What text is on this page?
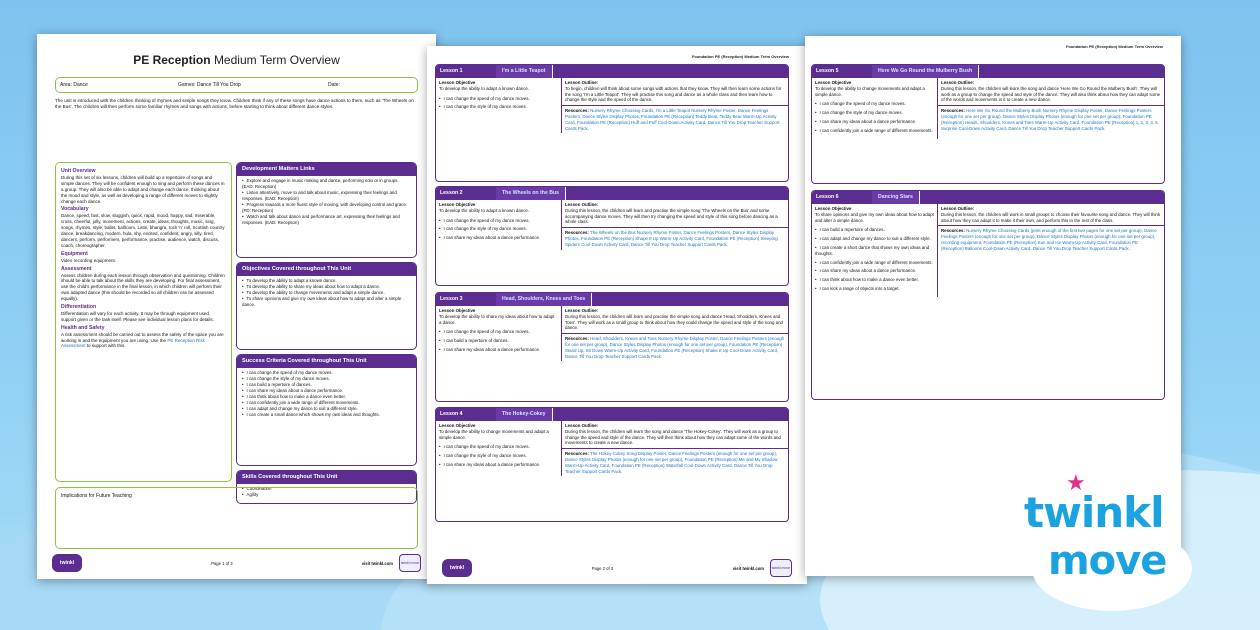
PE Reception Medium Term Overview
Area: Dance	Games: Dance Till You Drop	Date:

The unit is introduced with the children thinking of rhymes and simple songs they know. Children think if any of these songs have dance actions to them, such as 'The Wheels on the Bus'. The children will then perform some familiar rhymes and songs with actions, before starting to think about different dance styles.

Unit Overview

During this set of six lessons, children will build up a repertoire of songs and simple dances. They will be confident enough to sing and perform these dances in a group. They will also be able to adapt and change each dance, thinking about the mood and style, as well as developing a range of different moves to slightly change each dance.

Vocabulary

Dance, speed, fast, slow, sluggish, quick, rapid, mood, happy, sad, miserable, cross, cheerful, jolly, movement, actions, create, ideas, thoughts, music, sing, songs, rhymes, style, ballet, ballroom, Latin, bhangra, rock 'n' roll, Scottish country dance, breakdancing, modern, hula, shy, excited, confident, angry, silly, tired, dancers, perform, performers, performance, practise, audience, watch, discuss, coach, choreographer.

Equipment

Video recording equipment.

Assessment

Assess children during each lesson through observation and questioning. Children should be able to talk about the skills they are developing. For final assessment, use the child's performance in the final lesson, in which children will perform their own adapted dance (this should be recorded so all children can be assessed equally).

Differentiation

Differentiation will vary for each activity. It may be through equipment used, support given or the task itself. Please see individual lesson plans for details.

Health and Safety

A risk assessment should be carried out to assess the safety of the space you are working in and the equipment you are using. Use the PE Reception Risk Assessment to support with this.

Development Matters Links
• Explore and engage in music making and dance, performing solo or in groups. (EAD: Reception)
• Listen attentively, move to and talk about music, expressing their feelings and responses. (EAD: Reception)
• Progress towards a more fluent style of moving, with developing control and grace. (PD: Reception)
• Watch and talk about dance and performance art, expressing their feelings and responses. (EAD: Reception)
Objectives Covered throughout This Unit
• To develop the ability to adapt a known dance.
• To develop the ability to share my ideas about how to adapt a dance.
• To develop the ability to change movements and adapt a simple dance.
• To share opinions and give my own ideas about how to adapt and alter a simple dance.
Success Criteria Covered throughout This Unit
• I can change the speed of my dance moves.
• I can change the style of my dance moves.
• I can build a repertoire of dances.
• I can share my ideas about a dance performance.
• I can think about how to make a dance even better.
• I can confidently join a wide range of different movements.
• I can adapt and change my dance to suit a different style.
• I can create a small dance which shows my own ideas and thoughts.
Skills Covered throughout This Unit
• Coordination
• Agility
Implications for Future Teaching
twinkl	Page 1 of 3	visit twinkl.com	twinkl move
Foundation PE (Reception) Medium Term Overview
Lesson 1	I'm a Little Teapot
Lesson Objective
To develop the ability to adapt a known dance.
• I can change the speed of my dance moves.
• I can change the style of my dance moves.
Lesson Outline:
To begin, children will think about some songs with actions that they know. They will then learn some actions for the song 'I'm a Little Teapot'. They will practise this song and dance as a whole class and then learn how to change the style and the speed of the dance.
Resources: Nursery Rhyme Choosing Cards, I'm a Little Teapot Nursery Rhyme Poster, Dance Feelings Posters, Dance Styles Display Photos, Foundation PE (Reception) Teddy Bear, Teddy Bear Warm-Up Activity Card, Foundation PE (Reception) Huff and Puff Cool-Down Activity Card, Dance Till You Drop Teacher Support Cards Pack.
Lesson 2	The Wheels on the Bus
Lesson Objective
To develop the ability to adapt a known dance.
• I can change the speed of my dance moves.
• I can change the style of my dance moves.
• I can share my ideas about a dance performance.
Lesson Outline:
During this lesson, the children will learn and practise the simple song 'The Wheels on the Bus' and some accompanying dance moves. They will then try changing the speed and style of this song before dancing as a whole class.
Resources: The Wheels on the Bus Nursery Rhyme Poster, Dance Feelings Posters, Dance Styles Display Photos, Foundation PE (Reception) Shape It Up Warm-Up Activity Card, Foundation PE (Reception) Sleeping Spiders Cool-Down Activity Card, Dance Till You Drop Teacher Support Cards Pack.
Lesson 3	Head, Shoulders, Knees and Toes
Lesson Objective
To develop the ability to share my ideas about how to adapt a dance.
• I can change the speed of my dance moves.
• I can build a repertoire of dances.
• I can share my ideas about a dance performance.
Lesson Outline:
During this lesson, the children will learn and practise the simple song and dance 'Head, Shoulders, Knees and Toes'. They will work as a small group to think about how they could change the speed and style of the song and dance.
Resources: Head, Shoulders, Knees and Toes Nursery Rhyme Display Poster, Dance Feelings Posters (enough for one set per group), Dance Styles Display Photos (enough for one set per group), Foundation PE (Reception) Stand Up, Sit Down Warm-Up Activity Card, Foundation PE (Reception) Shake It Up Cool-Down Activity Card, Dance Till You Drop Teacher Support Cards Pack.
Lesson 4	The Hokey-Cokey
Lesson Objective
To develop the ability to change movements and adapt a simple dance.
• I can change the speed of my dance moves.
• I can change the style of my dance moves.
• I can share my ideas about a dance performance.
Lesson Outline:
During this lesson, the children will learn the song and dance 'The Hokey-Cokey'. They will work as a group to change the speed and style of the dance. They will then think about how they can adapt some of the words and movements to create a new dance.
Resources: The Hokey-Cokey Song Display Poster, Dance Feelings Posters (enough for one set per group), Dance Styles Display Photos (enough for one set per group), Foundation PE (Reception) Me and My Shadow Warm-Up Activity Card, Foundation PE (Reception) Waterfall Cool-Down Activity Card, Dance Till You Drop Teacher Support Cards Pack.
twinkl	Page 2 of 3	visit twinkl.com	twinkl move
Foundation PE (Reception) Medium Term Overview
Lesson 5	Here We Go Round the Mulberry Bush
Lesson Objective
To develop the ability to change movements and adapt a simple dance.
• I can change the speed of my dance moves.
• I can change the style of my dance moves.
• I can share my ideas about a dance performance.
• I can confidently join a wide range of different movements.
Lesson Outline:
During this lesson, the children will learn the song and dance 'Here We Go Round the Mulberry Bush'. They will work as a group to change the speed and style of the dance. They will also think about how they can adapt some of the words and movements in it to create a new dance.
Resources: Here We Go Round the Mulberry Bush Nursery Rhyme Display Poster, Dance Feelings Posters (enough for one set per group), Dance Styles Display Photos (enough for one set per group), Foundation PE (Reception) Heads, Shoulders, Knees and Toes Warm-Up Activity Card, Foundation PE (Reception) 1, 2, 3, 4, 5 Surprise Cool-Down Activity Card, Dance Till You Drop Teacher Support Cards Pack.
Lesson 6	Dancing Stars
Lesson Objective
To share opinions and give my own ideas about how to adapt and alter a simple dance.
• I can build a repertoire of dances.
• I can adapt and change my dance to suit a different style.
• I can create a short dance that shows my own ideas and thoughts.
• I can confidently join a wide range of different movements.
• I can share my ideas about a dance performance.
• I can think about how to make a dance even better.
• I can kick a range of objects into a target.
Lesson Outline:
During this lesson, the children will work in small groups to choose their favourite song and dance. They will think about how they can adapt it to make it their own, and perform this to the rest of the class.
Resources: Nursery Rhyme Choosing Cards (print enough of the first two pages for one set per group), Dance Feelings Posters (enough for one set per group), Dance Styles Display Photos (enough for one set per group), recording equipment, Foundation PE (Reception) Sun and Ice Warm-Up Activity Card, Foundation PE (Reception) Balloons Cool-Down Activity Card, Dance Till You Drop Teacher Support Cards Pack.
twinkl
★
move
